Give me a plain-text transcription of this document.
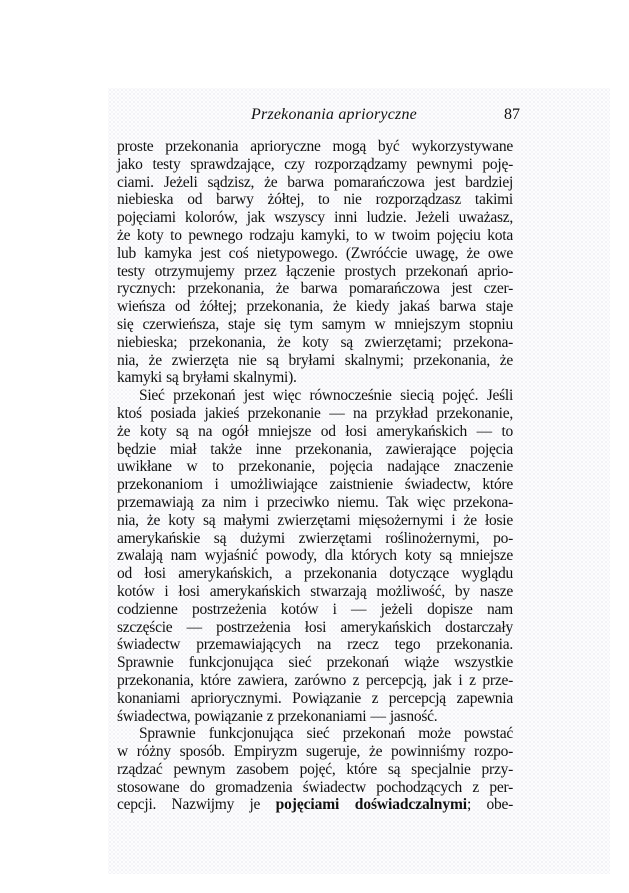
Przekonania aprioryczne	87
proste przekonania aprioryczne mogą być wykorzystywane
jako testy sprawdzające, czy rozporządzamy pewnymi poję-
ciami. Jeżeli sądzisz, że barwa pomarańczowa jest bardziej
niebieska od barwy żółtej, to nie rozporządzasz takimi
pojęciami kolorów, jak wszyscy inni ludzie. Jeżeli uważasz,
że koty to pewnego rodzaju kamyki, to w twoim pojęciu kota
lub kamyka jest coś nietypowego. (Zwróćcie uwagę, że owe
testy otrzymujemy przez łączenie prostych przekonań aprio-
rycznych: przekonania, że barwa pomarańczowa jest czer-
wieńsza od żółtej; przekonania, że kiedy jakaś barwa staje
się czerwieńsza, staje się tym samym w mniejszym stopniu
niebieska; przekonania, że koty są zwierzętami; przekona-
nia, że zwierzęta nie są bryłami skalnymi; przekonania, że
kamyki są bryłami skalnymi).
Sieć przekonań jest więc równocześnie siecią pojęć. Jeśli
ktoś posiada jakieś przekonanie — na przykład przekonanie,
że koty są na ogół mniejsze od łosi amerykańskich — to
będzie miał także inne przekonania, zawierające pojęcia
uwikłane w to przekonanie, pojęcia nadające znaczenie
przekonaniom i umożliwiające zaistnienie świadectw, które
przemawiają za nim i przeciwko niemu. Tak więc przekona-
nia, że koty są małymi zwierzętami mięsożernymi i że łosie
amerykańskie są dużymi zwierzętami roślinożernymi, po-
zwalają nam wyjaśnić powody, dla których koty są mniejsze
od łosi amerykańskich, a przekonania dotyczące wyglądu
kotów i łosi amerykańskich stwarzają możliwość, by nasze
codzienne postrzeżenia kotów i — jeżeli dopisze nam
szczęście — postrzeżenia łosi amerykańskich dostarczały
świadectw przemawiających na rzecz tego przekonania.
Sprawnie funkcjonująca sieć przekonań wiąże wszystkie
przekonania, które zawiera, zarówno z percepcją, jak i z prze-
konaniami apriorycznymi. Powiązanie z percepcją zapewnia
świadectwa, powiązanie z przekonaniami — jasność.
Sprawnie funkcjonująca sieć przekonań może powstać
w różny sposób. Empiryzm sugeruje, że powinniśmy rozpo-
rządzać pewnym zasobem pojęć, które są specjalnie przy-
stosowane do gromadzenia świadectw pochodzących z per-
cepcji. Nazwijmy je pojęciami doświadczalnymi; obe-
